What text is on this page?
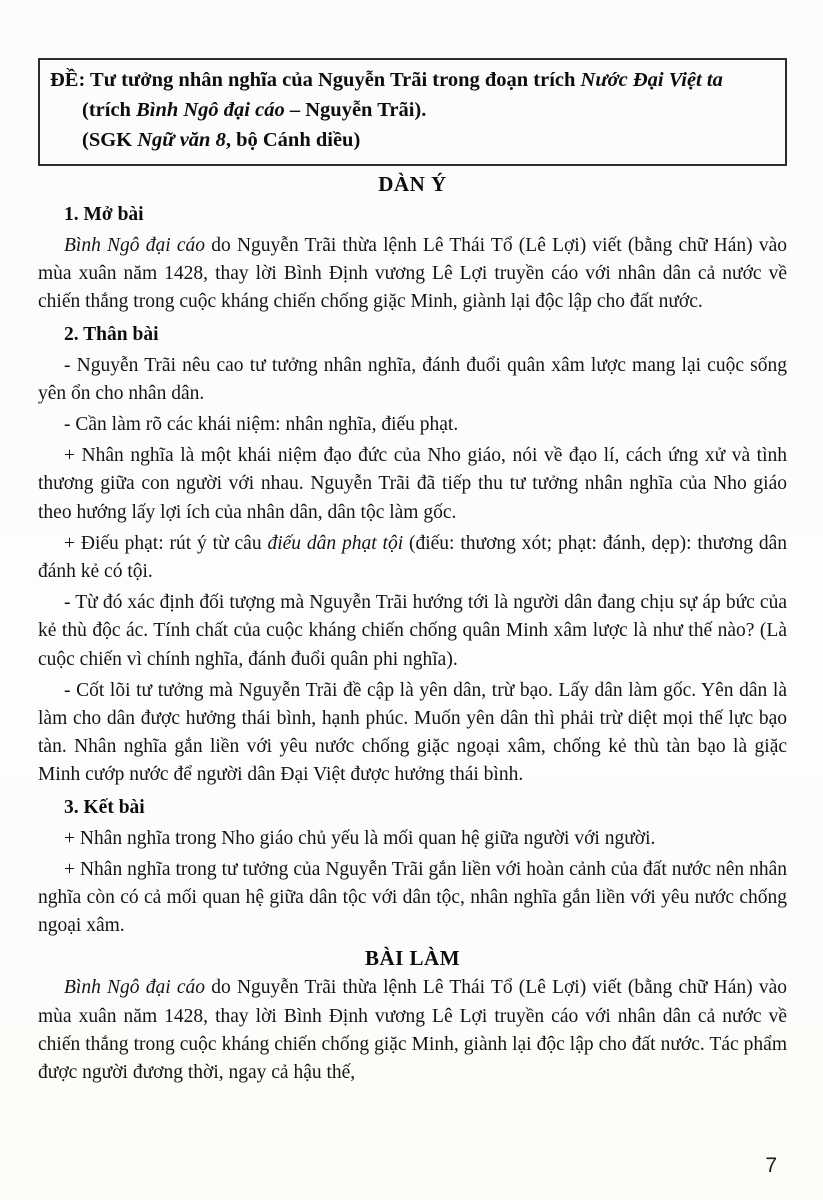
ĐỀ: Tư tưởng nhân nghĩa của Nguyễn Trãi trong đoạn trích Nước Đại Việt ta (trích Bình Ngô đại cáo – Nguyễn Trãi).

(SGK Ngữ văn 8, bộ Cánh diều)

DÀN Ý

1. Mở bài

Bình Ngô đại cáo do Nguyễn Trãi thừa lệnh Lê Thái Tổ (Lê Lợi) viết (bằng chữ Hán) vào mùa xuân năm 1428, thay lời Bình Định vương Lê Lợi truyền cáo với nhân dân cả nước về chiến thắng trong cuộc kháng chiến chống giặc Minh, giành lại độc lập cho đất nước.

2. Thân bài

- Nguyễn Trãi nêu cao tư tưởng nhân nghĩa, đánh đuổi quân xâm lược mang lại cuộc sống yên ổn cho nhân dân.

- Cần làm rõ các khái niệm: nhân nghĩa, điếu phạt.

+ Nhân nghĩa là một khái niệm đạo đức của Nho giáo, nói về đạo lí, cách ứng xử và tình thương giữa con người với nhau. Nguyễn Trãi đã tiếp thu tư tưởng nhân nghĩa của Nho giáo theo hướng lấy lợi ích của nhân dân, dân tộc làm gốc.

+ Điếu phạt: rút ý từ câu điếu dân phạt tội (điếu: thương xót; phạt: đánh, dẹp): thương dân đánh kẻ có tội.

- Từ đó xác định đối tượng mà Nguyễn Trãi hướng tới là người dân đang chịu sự áp bức của kẻ thù độc ác. Tính chất của cuộc kháng chiến chống quân Minh xâm lược là như thế nào? (Là cuộc chiến vì chính nghĩa, đánh đuổi quân phi nghĩa).

- Cốt lõi tư tưởng mà Nguyễn Trãi đề cập là yên dân, trừ bạo. Lấy dân làm gốc. Yên dân là làm cho dân được hưởng thái bình, hạnh phúc. Muốn yên dân thì phải trừ diệt mọi thế lực bạo tàn. Nhân nghĩa gắn liền với yêu nước chống giặc ngoại xâm, chống kẻ thù tàn bạo là giặc Minh cướp nước để người dân Đại Việt được hưởng thái bình.

3. Kết bài

+ Nhân nghĩa trong Nho giáo chủ yếu là mối quan hệ giữa người với người.

+ Nhân nghĩa trong tư tưởng của Nguyễn Trãi gắn liền với hoàn cảnh của đất nước nên nhân nghĩa còn có cả mối quan hệ giữa dân tộc với dân tộc, nhân nghĩa gắn liền với yêu nước chống ngoại xâm.

BÀI LÀM

Bình Ngô đại cáo do Nguyễn Trãi thừa lệnh Lê Thái Tổ (Lê Lợi) viết (bằng chữ Hán) vào mùa xuân năm 1428, thay lời Bình Định vương Lê Lợi truyền cáo với nhân dân cả nước về chiến thắng trong cuộc kháng chiến chống giặc Minh, giành lại độc lập cho đất nước. Tác phẩm được người đương thời, ngay cả hậu thế,

7
